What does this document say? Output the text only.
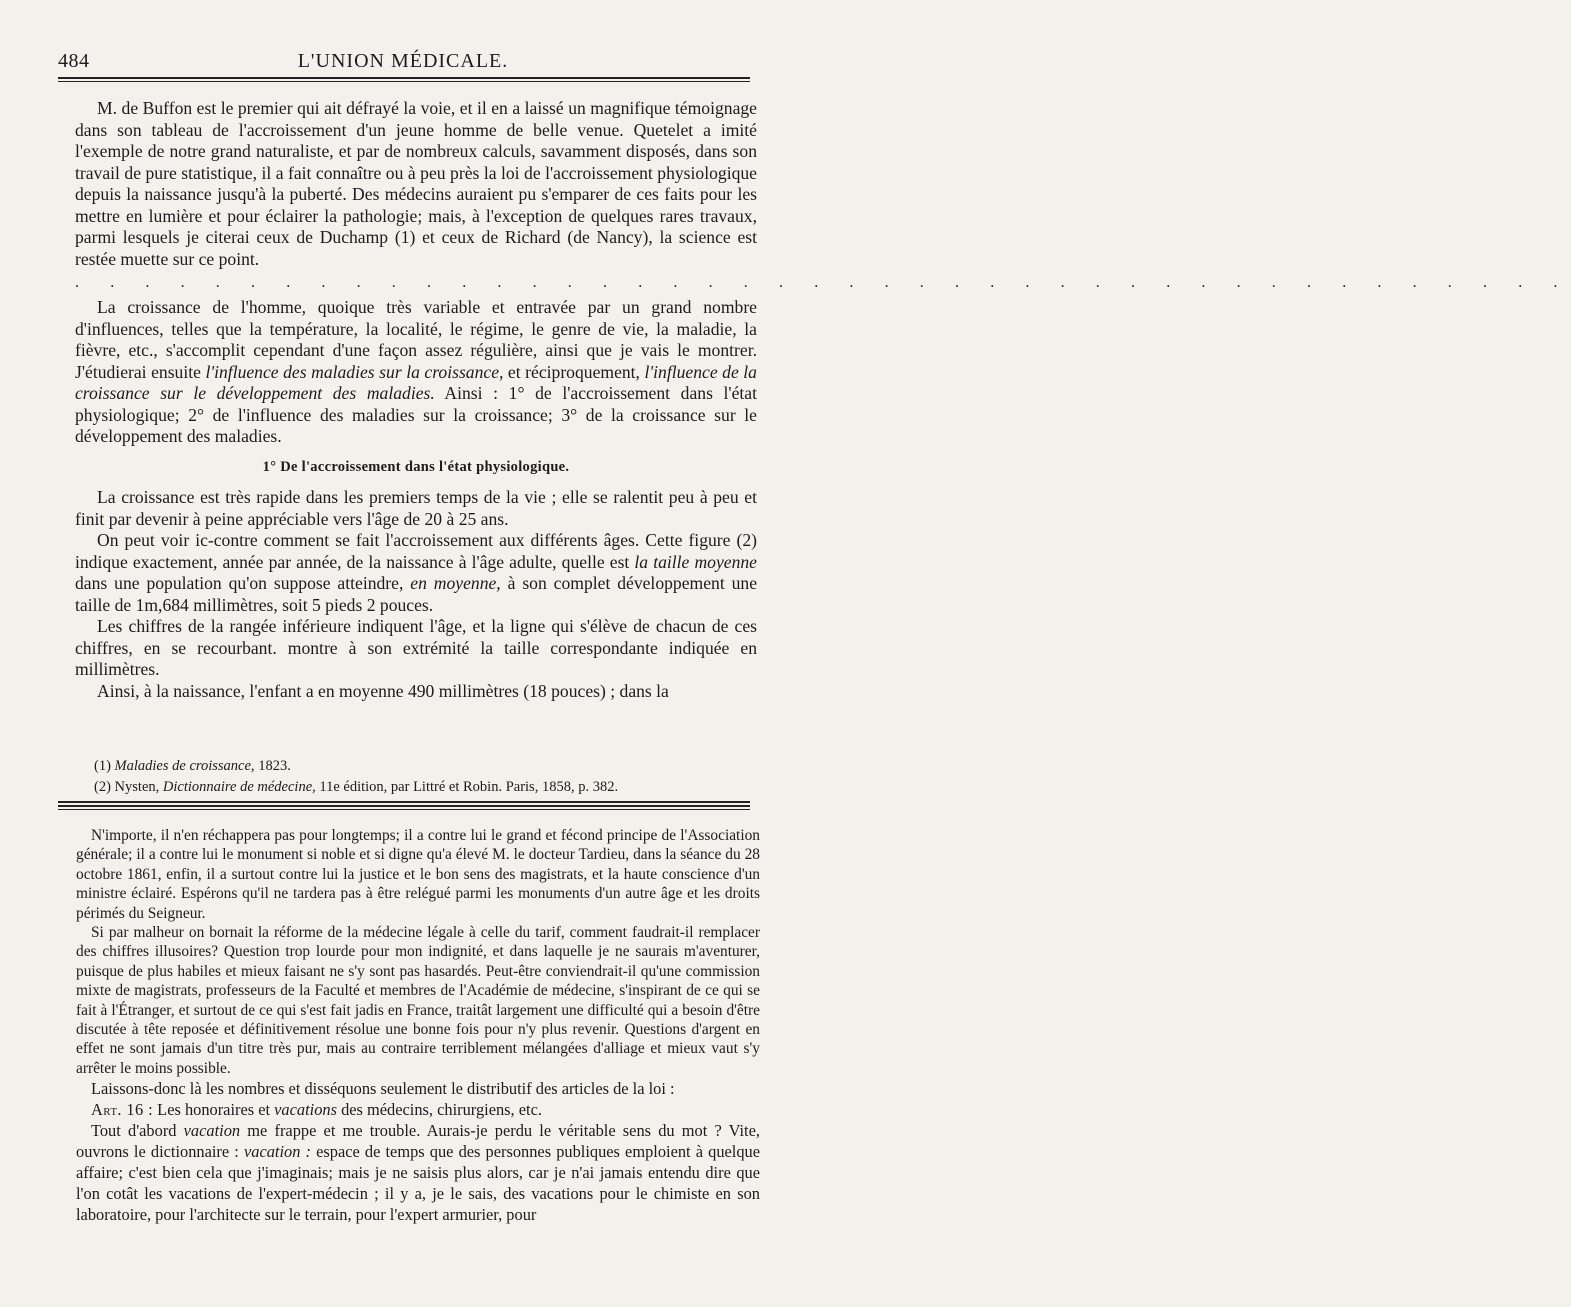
484	L'UNION MÉDICALE.

M. de Buffon est le premier qui ait défrayé la voie, et il en a laissé un magnifique témoignage dans son tableau de l'accroissement d'un jeune homme de belle venue. Quetelet a imité l'exemple de notre grand naturaliste, et par de nombreux calculs, savamment disposés, dans son travail de pure statistique, il a fait connaître ou à peu près la loi de l'accroissement physiologique depuis la naissance jusqu'à la puberté. Des médecins auraient pu s'emparer de ces faits pour les mettre en lumière et pour éclairer la pathologie; mais, à l'exception de quelques rares travaux, parmi lesquels je citerai ceux de Duchamp (1) et ceux de Richard (de Nancy), la science est restée muette sur ce point.

. . . . . . . . . . . . . . . . . . . . . . . . . . . . . . . . . . . . . . . . . . .

La croissance de l'homme, quoique très variable et entravée par un grand nombre d'influences, telles que la température, la localité, le régime, le genre de vie, la maladie, la fièvre, etc., s'accomplit cependant d'une façon assez régulière, ainsi que je vais le montrer. J'étudierai ensuite l'influence des maladies sur la croissance, et réciproquement, l'influence de la croissance sur le développement des maladies. Ainsi : 1° de l'accroissement dans l'état physiologique; 2° de l'influence des maladies sur la croissance; 3° de la croissance sur le développement des maladies.

1° De l'accroissement dans l'état physiologique.

La croissance est très rapide dans les premiers temps de la vie ; elle se ralentit peu à peu et finit par devenir à peine appréciable vers l'âge de 20 à 25 ans.

On peut voir ic-contre comment se fait l'accroissement aux différents âges. Cette figure (2) indique exactement, année par année, de la naissance à l'âge adulte, quelle est la taille moyenne dans une population qu'on suppose atteindre, en moyenne, à son complet développement une taille de 1m,684 millimètres, soit 5 pieds 2 pouces.

Les chiffres de la rangée inférieure indiquent l'âge, et la ligne qui s'élève de chacun de ces chiffres, en se recourbant. montre à son extrémité la taille correspondante indiquée en millimètres.

Ainsi, à la naissance, l'enfant a en moyenne 490 millimètres (18 pouces) ; dans la

(1) Maladies de croissance, 1823.

(2) Nysten, Dictionnaire de médecine, 11e édition, par Littré et Robin. Paris, 1858, p. 382.

N'importe, il n'en réchappera pas pour longtemps; il a contre lui le grand et fécond principe de l'Association générale; il a contre lui le monument si noble et si digne qu'a élevé M. le docteur Tardieu, dans la séance du 28 octobre 1861, enfin, il a surtout contre lui la justice et le bon sens des magistrats, et la haute conscience d'un ministre éclairé. Espérons qu'il ne tardera pas à être relégué parmi les monuments d'un autre âge et les droits périmés du Seigneur.

Si par malheur on bornait la réforme de la médecine légale à celle du tarif, comment faudrait-il remplacer des chiffres illusoires? Question trop lourde pour mon indignité, et dans laquelle je ne saurais m'aventurer, puisque de plus habiles et mieux faisant ne s'y sont pas hasardés. Peut-être conviendrait-il qu'une commission mixte de magistrats, professeurs de la Faculté et membres de l'Académie de médecine, s'inspirant de ce qui se fait à l'Étranger, et surtout de ce qui s'est fait jadis en France, traitât largement une difficulté qui a besoin d'être discutée à tête reposée et définitivement résolue une bonne fois pour n'y plus revenir. Questions d'argent en effet ne sont jamais d'un titre très pur, mais au contraire terriblement mélangées d'alliage et mieux vaut s'y arrêter le moins possible.

Laissons-donc là les nombres et disséquons seulement le distributif des articles de la loi :

Art. 16 : Les honoraires et vacations des médecins, chirurgiens, etc.

Tout d'abord vacation me frappe et me trouble. Aurais-je perdu le véritable sens du mot ? Vite, ouvrons le dictionnaire : vacation : espace de temps que des personnes publiques emploient à quelque affaire; c'est bien cela que j'imaginais; mais je ne saisis plus alors, car je n'ai jamais entendu dire que l'on cotât les vacations de l'expert-médecin ; il y a, je le sais, des vacations pour le chimiste en son laboratoire, pour l'architecte sur le terrain, pour l'expert armurier, pour
